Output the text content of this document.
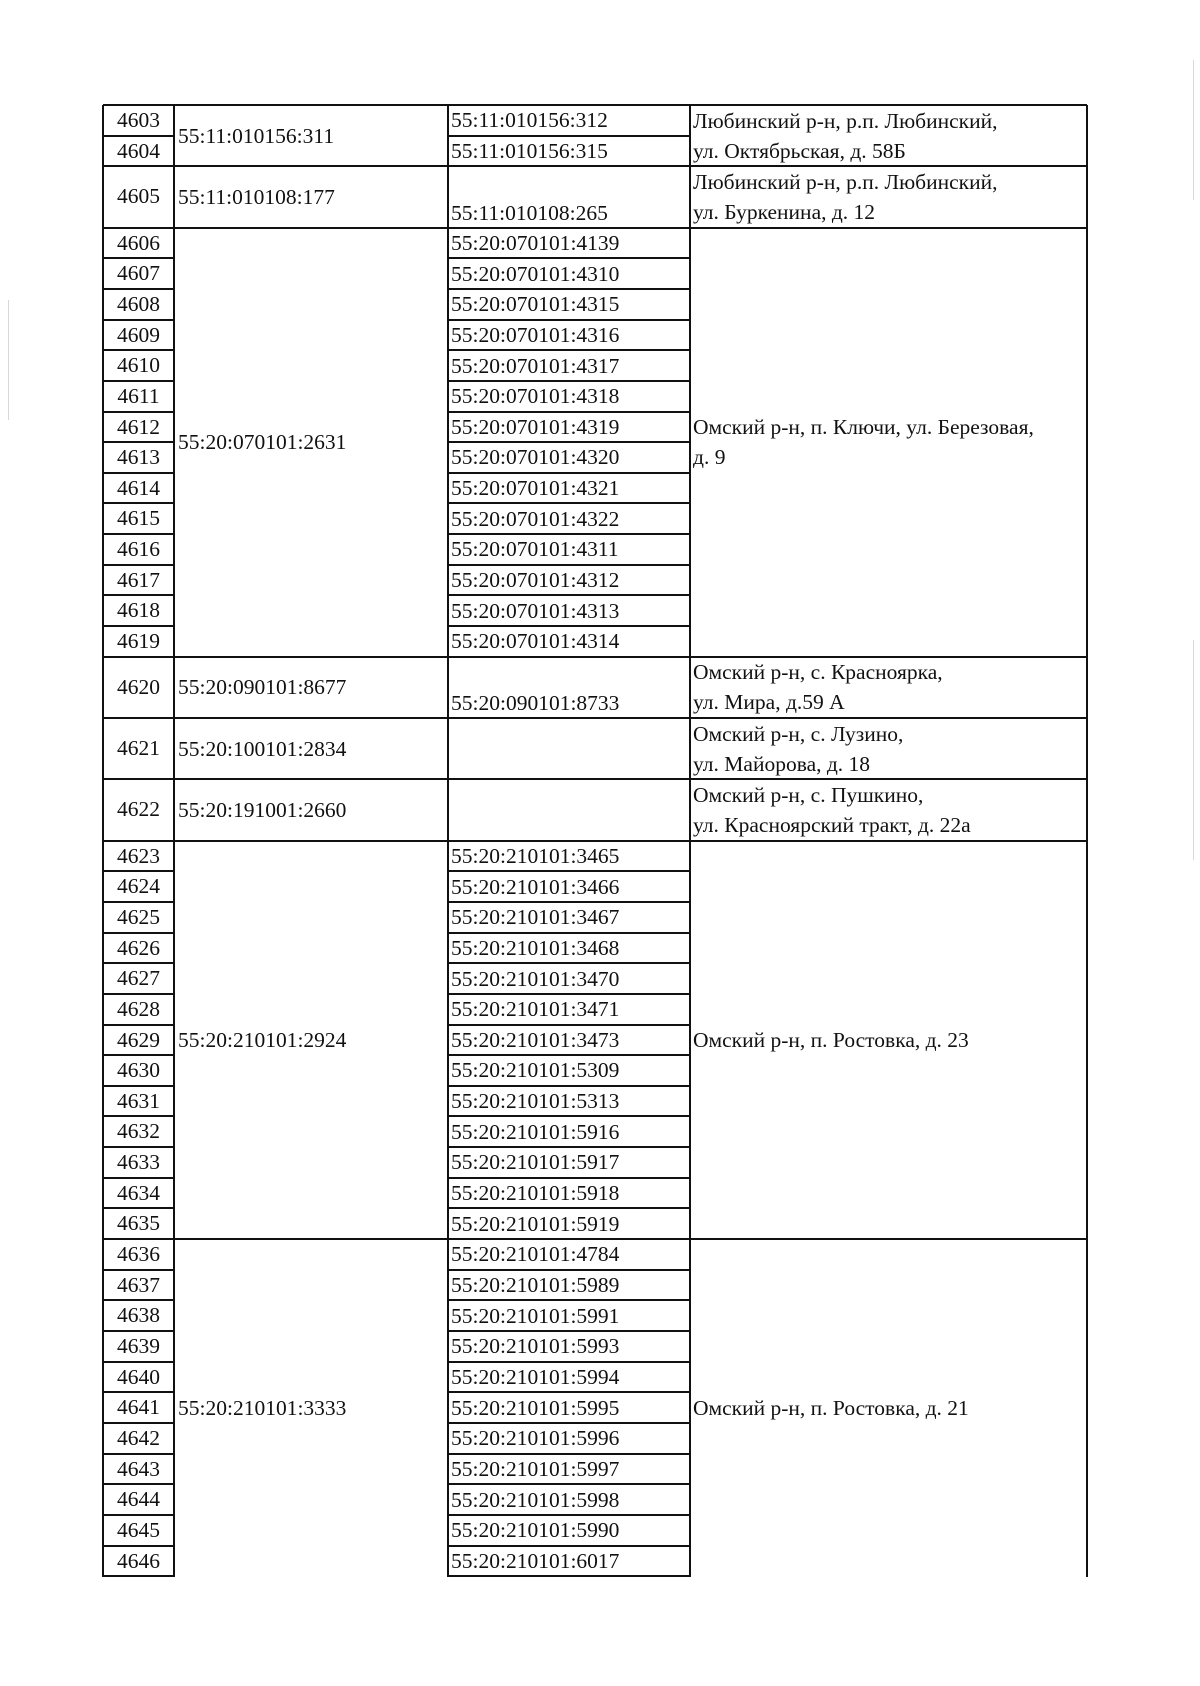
4603
4604
55:11:010156:311
55:11:010156:312
55:11:010156:315
Любинский р-н, р.п. Любинский,
ул. Октябрьская, д. 58Б
4605 55:11:010108:177
55:11:010108:265
Любинский р-н, р.п. Любинский,
ул. Буркенина, д. 12
4606
4607
4608
4609
4610
4611
4612
4613
4614
4615
4616
4617
4618
4619
55:20:070101:2631
55:20:070101:4139
55:20:070101:4310
55:20:070101:4315
55:20:070101:4316
55:20:070101:4317
55:20:070101:4318
55:20:070101:4319
55:20:070101:4320
55:20:070101:4321
55:20:070101:4322
55:20:070101:4311
55:20:070101:4312
55:20:070101:4313
55:20:070101:4314
Омский р-н, п. Ключи, ул. Березовая,
д. 9
4620 55:20:090101:8677
55:20:090101:8733
Омский р-н, с. Красноярка,
ул. Мира, д.59 А
4621 55:20:100101:2834
Омский р-н, с. Лузино,
ул. Майорова, д. 18
4622 55:20:191001:2660
Омский р-н, с. Пушкино,
ул. Красноярский тракт, д. 22а
4623
4624
4625
4626
4627
4628
4629
4630
4631
4632
4633
4634
4635
55:20:210101:2924
55:20:210101:3465
55:20:210101:3466
55:20:210101:3467
55:20:210101:3468
55:20:210101:3470
55:20:210101:3471
55:20:210101:3473
55:20:210101:5309
55:20:210101:5313
55:20:210101:5916
55:20:210101:5917
55:20:210101:5918
55:20:210101:5919
Омский р-н, п. Ростовка, д. 23
4636
4637
4638
4639
4640
4641
4642
4643
4644
4645
4646
55:20:210101:3333
55:20:210101:4784
55:20:210101:5989
55:20:210101:5991
55:20:210101:5993
55:20:210101:5994
55:20:210101:5995
55:20:210101:5996
55:20:210101:5997
55:20:210101:5998
55:20:210101:5990
55:20:210101:6017
Омский р-н, п. Ростовка, д. 21
